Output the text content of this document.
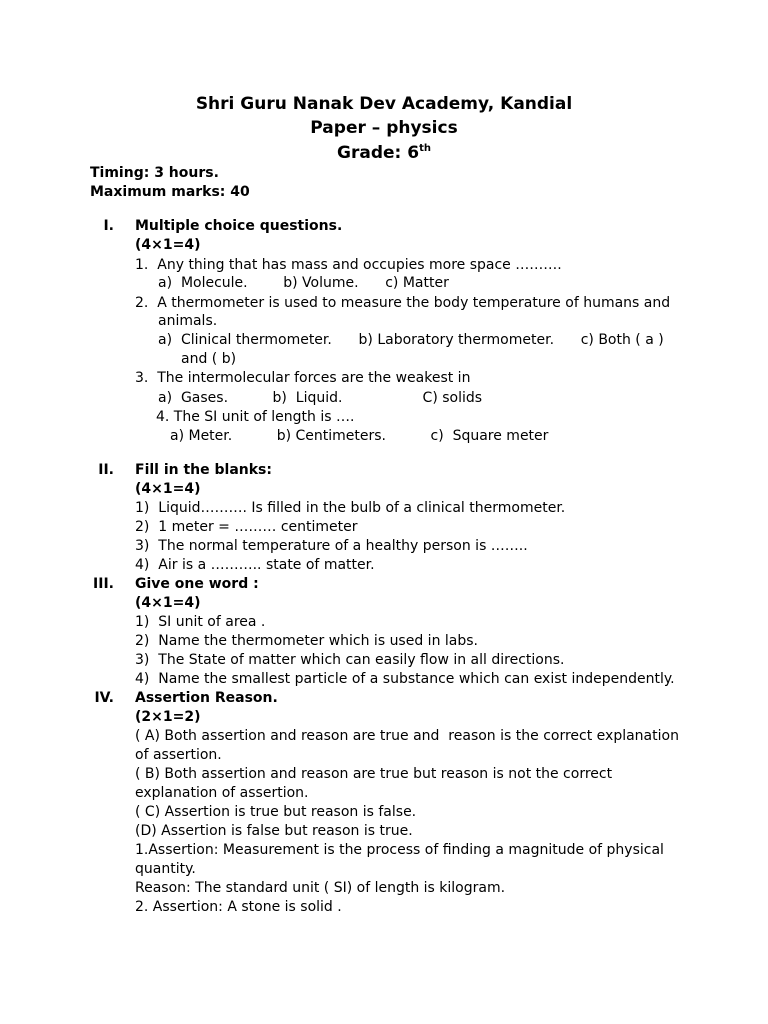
Shri Guru Nanak Dev Academy, Kandial
Paper – physics
Grade: 6th
Timing: 3 hours.
Maximum marks: 40
I. Multiple choice questions.
(4×1=4)
1.  Any thing that has mass and occupies more space ……….
a)  Molecule.        b) Volume.      c) Matter
2.  A thermometer is used to measure the body temperature of humans and
animals.
a)  Clinical thermometer.      b) Laboratory thermometer.      c) Both ( a )
and ( b)
3.  The intermolecular forces are the weakest in
a)  Gases.          b)  Liquid.                  C) solids
4. The SI unit of length is ….
a) Meter.          b) Centimeters.          c)  Square meter
II. Fill in the blanks:
(4×1=4)
1)  Liquid………. Is filled in the bulb of a clinical thermometer.
2)  1 meter = ……… centimeter
3)  The normal temperature of a healthy person is ……..
4)  Air is a ……….. state of matter.
III. Give one word :
(4×1=4)
1)  SI unit of area .
2)  Name the thermometer which is used in labs.
3)  The State of matter which can easily flow in all directions.
4)  Name the smallest particle of a substance which can exist independently.
IV. Assertion Reason.
(2×1=2)
( A) Both assertion and reason are true and  reason is the correct explanation
of assertion.
( B) Both assertion and reason are true but reason is not the correct
explanation of assertion.
( C) Assertion is true but reason is false.
(D) Assertion is false but reason is true.
1.Assertion: Measurement is the process of finding a magnitude of physical
quantity.
Reason: The standard unit ( SI) of length is kilogram.
2. Assertion: A stone is solid .
